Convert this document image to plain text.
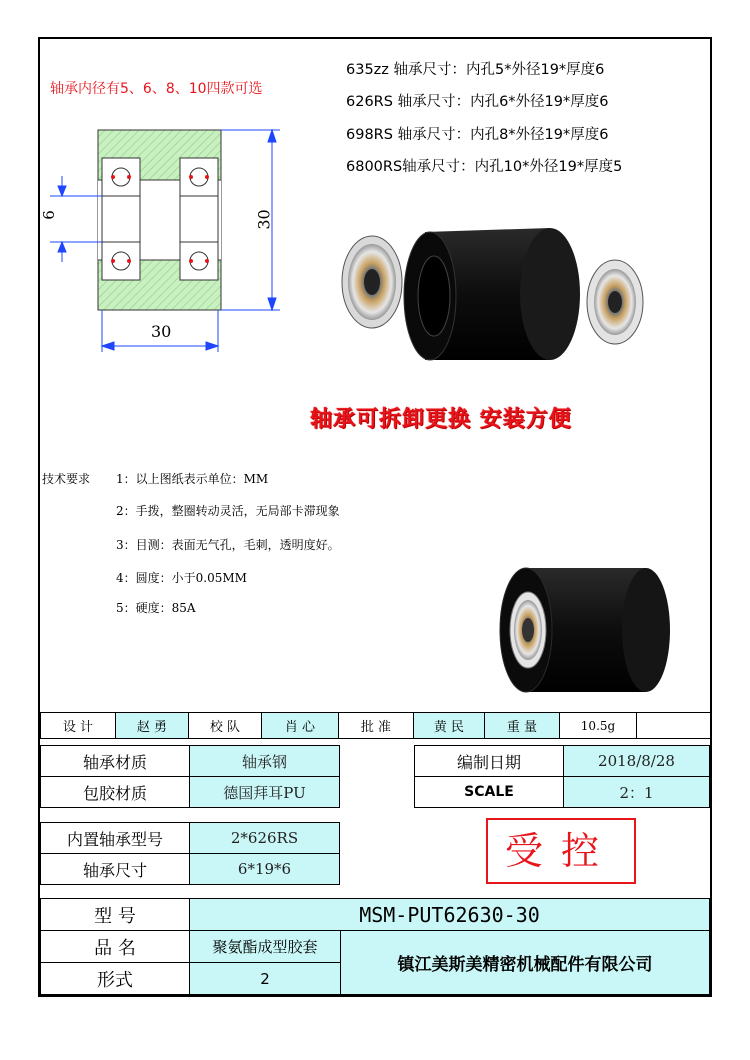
轴承内径有5、6、8、10四款可选
635zz 轴承尺寸：内孔5*外径19*厚度6
626RS 轴承尺寸：内孔6*外径19*厚度6
698RS 轴承尺寸：内孔8*外径19*厚度6
6800RS轴承尺寸：内孔10*外径19*厚度5
30
30
6
轴承可拆卸更换 安装方便
技术要求 1：以上图纸表示单位：MM
2：手拨，整圈转动灵活，无局部卡滞现象
3：目测：表面无气孔，毛刺，透明度好。
4：圆度：小于0.05MM
5：硬度：85A
设 计	赵 勇	校 队	肖 心	批 准	黄 民	重 量	10.5g	
轴承材质	轴承钢
包胶材质	德国拜耳PU
编制日期	2018/8/28
SCALE	2：1
内置轴承型号	2*626RS
轴承尺寸	6*19*6	受控
型 号	MSM-PUT62630-30	
品 名	聚氨酯成型胶套	镇江美斯美精密机械配件有限公司
形式	2	
